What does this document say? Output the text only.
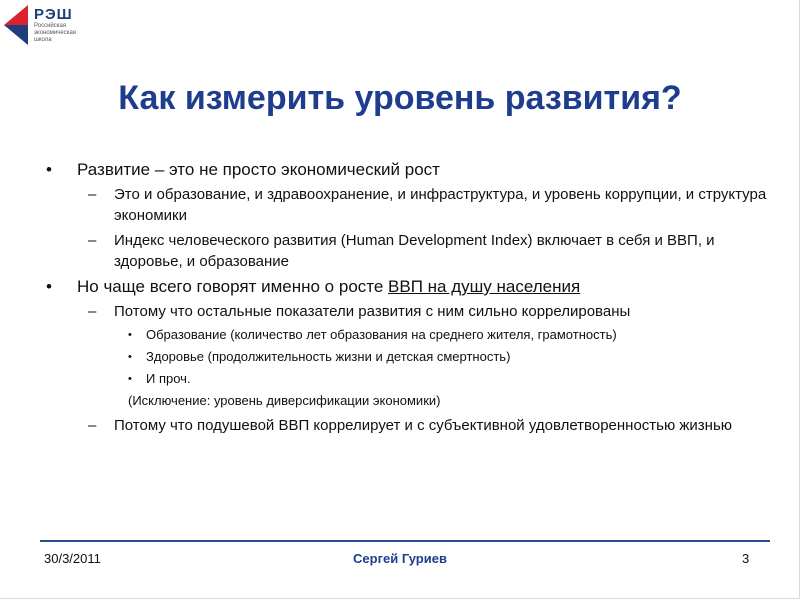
РЭШ
Российская экономическая школа
Как измерить уровень развития?
• Развитие – это не просто экономический рост
– Это и образование, и здравоохранение, и инфраструктура, и уровень коррупции, и структура экономики
– Индекс человеческого развития (Human Development Index) включает в себя и ВВП, и здоровье, и образование
• Но чаще всего говорят именно о росте ВВП на душу населения
– Потому что остальные показатели развития с ним сильно коррелированы
• Образование (количество лет образования на среднего жителя, грамотность)
• Здоровье (продолжительность жизни и детская смертность)
• И проч.
(Исключение: уровень диверсификации экономики)
– Потому что подушевой ВВП коррелирует и с субъективной удовлетворенностью жизнью
30/3/2011	Сергей Гуриев	3
